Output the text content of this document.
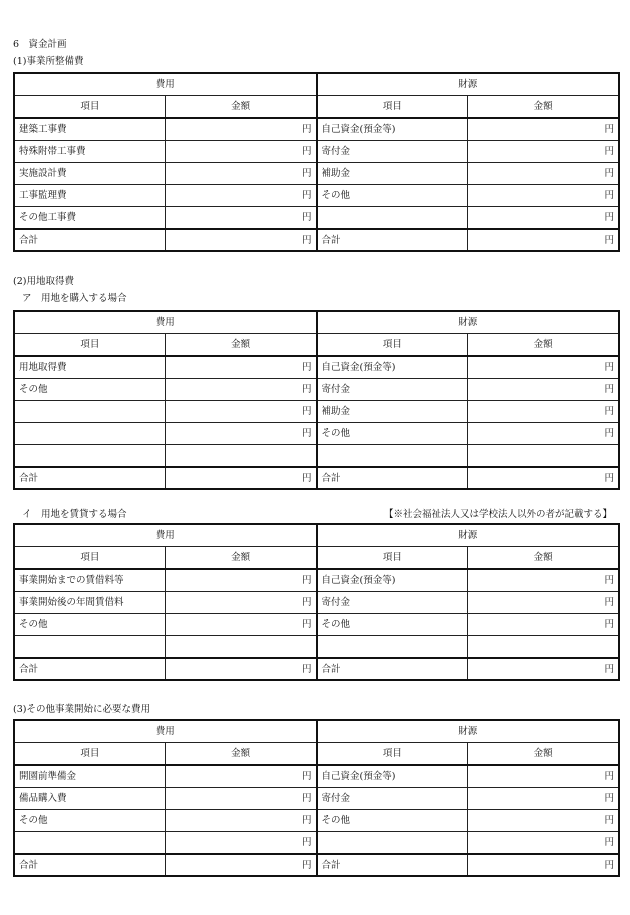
6　資金計画
(1)事業所整備費
費用		財源	
項目	金額	項目	金額
建築工事費	円	自己資金(預金等)	円
特殊附帯工事費	円	寄付金	円
実施設計費	円	補助金	円
工事監理費	円	その他	円
その他工事費	円		円
合計	円	合計	円
(2)用地取得費
ア　用地を購入する場合
費用		財源	
項目	金額	項目	金額
用地取得費	円	自己資金(預金等)	円
その他	円	寄付金	円
	円	補助金	円
	円	その他	円

合計	円	合計	円
イ　用地を賃貸する場合	【※社会福祉法人又は学校法人以外の者が記載する】
費用		財源	
項目	金額	項目	金額
事業開始までの賃借料等	円	自己資金(預金等)	円
事業開始後の年間賃借料	円	寄付金	円
その他	円	その他	円

合計	円	合計	円
(3)その他事業開始に必要な費用
費用		財源	
項目	金額	項目	金額
開園前準備金	円	自己資金(預金等)	円
備品購入費	円	寄付金	円
その他	円	その他	円
	円		円
合計	円	合計	円
